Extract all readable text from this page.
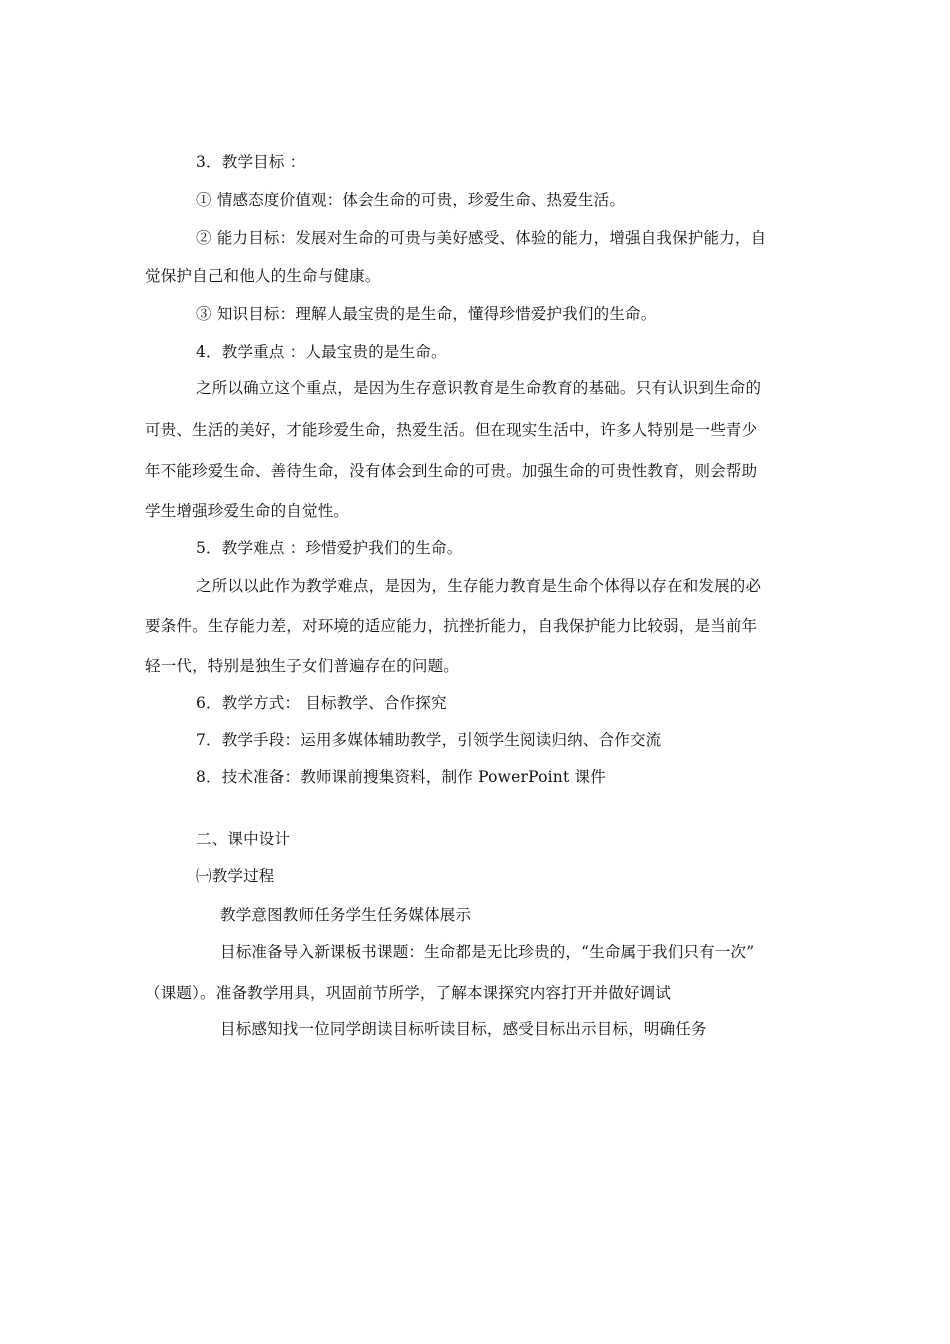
3．教学目标 ：
① 情感态度价值观：体会生命的可贵，珍爱生命、热爱生活。
② 能力目标：发展对生命的可贵与美好感受、体验的能力，增强自我保护能力，自
觉保护自己和他人的生命与健康。
③ 知识目标：理解人最宝贵的是生命，懂得珍惜爱护我们的生命。
4．教学重点 ：人最宝贵的是生命。
之所以确立这个重点，是因为生存意识教育是生命教育的基础。只有认识到生命的
可贵、生活的美好，才能珍爱生命，热爱生活。但在现实生活中，许多人特别是一些青少
年不能珍爱生命、善待生命，没有体会到生命的可贵。加强生命的可贵性教育，则会帮助
学生增强珍爱生命的自觉性。
5．教学难点 ：珍惜爱护我们的生命。
之所以以此作为教学难点，是因为，生存能力教育是生命个体得以存在和发展的必
要条件。生存能力差，对环境的适应能力，抗挫折能力，自我保护能力比较弱，是当前年
轻一代，特别是独生子女们普遍存在的问题。
6．教学方式： 目标教学、合作探究
7．教学手段：运用多媒体辅助教学，引领学生阅读归纳、合作交流
8．技术准备：教师课前搜集资料，制作 PowerPoint 课件
二、课中设计
㈠教学过程
教学意图教师任务学生任务媒体展示
目标准备导入新课板书课题：生命都是无比珍贵的，“生命属于我们只有一次”
（课题）。准备教学用具，巩固前节所学，了解本课探究内容打开并做好调试
目标感知找一位同学朗读目标听读目标，感受目标出示目标，明确任务
